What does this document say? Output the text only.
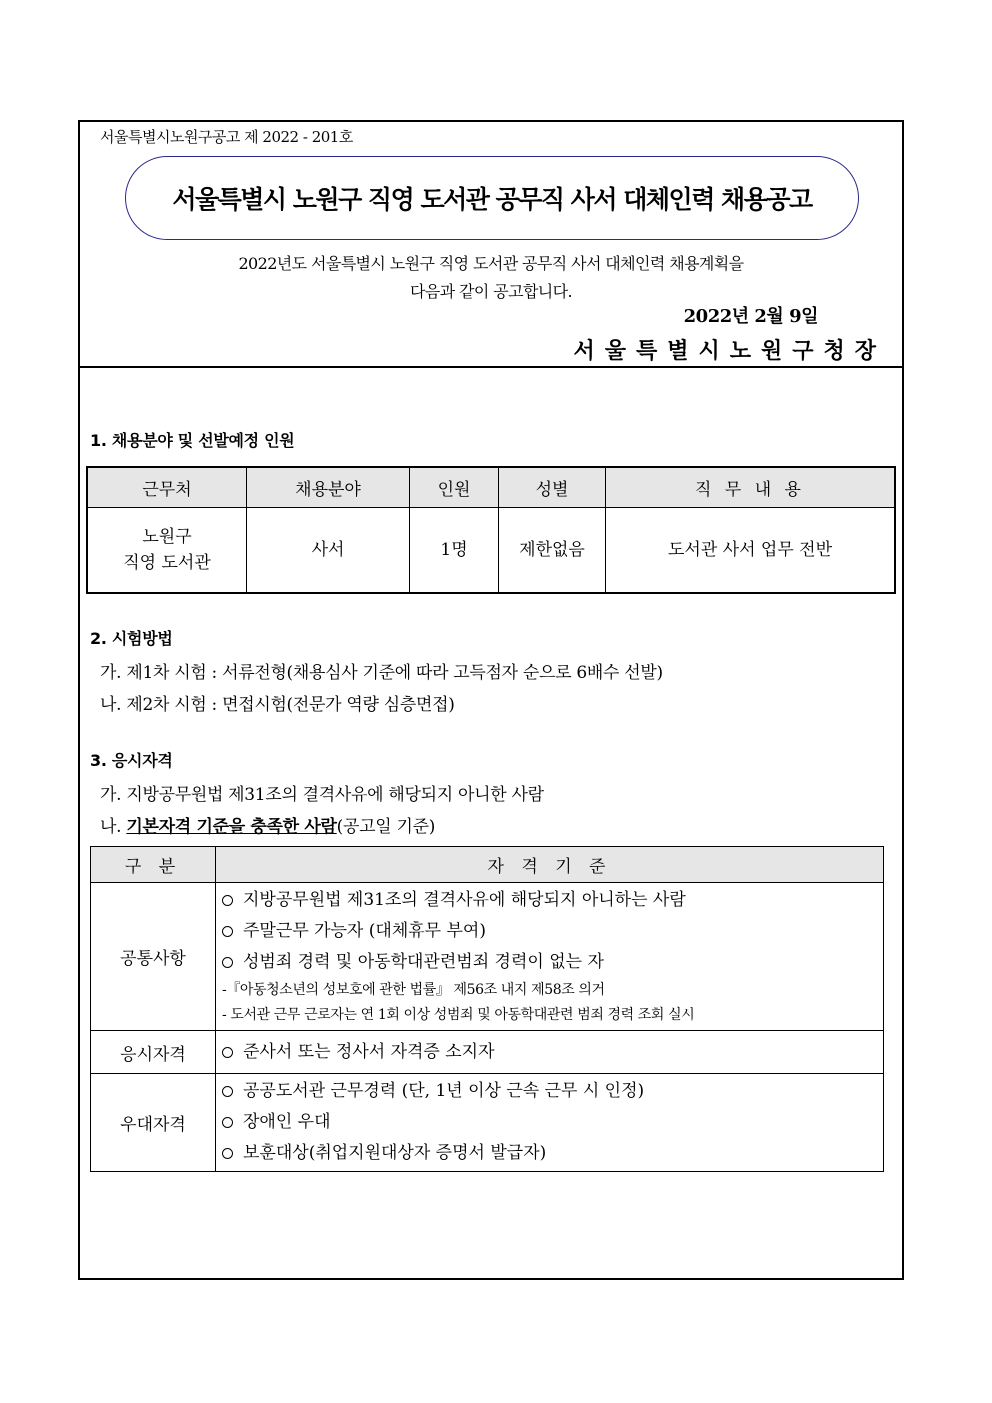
서울특별시노원구공고 제 2022 - 201호
서울특별시 노원구 직영 도서관 공무직 사서 대체인력 채용공고
2022년도 서울특별시 노원구 직영 도서관 공무직 사서 대체인력 채용계획을
다음과 같이 공고합니다.
2022년 2월 9일
서울특별시노원구청장
1. 채용분야 및 선발예정 인원
근무처	채용분야	인원	성별	직 무 내 용

노원구
직영 도서관	사서	1명	제한없음	도서관 사서 업무 전반
2. 시험방법
가. 제1차 시험 : 서류전형(채용심사 기준에 따라 고득점자 순으로 6배수 선발)
나. 제2차 시험 : 면접시험(전문가 역량 심층면접)
3. 응시자격
가. 지방공무원법 제31조의 결격사유에 해당되지 아니한 사람
나. 기본자격 기준을 충족한 사람(공고일 기준)
구 분	자 격 기 준
공통사항	지방공무원법 제31조의 결격사유에 해당되지 아니하는 사람
주말근무 가능자 (대체휴무 부여)
성범죄 경력 및 아동학대관련범죄 경력이 없는 자
-『아동청소년의 성보호에 관한 법률』 제56조 내지 제58조 의거
- 도서관 근무 근로자는 연 1회 이상 성범죄 및 아동학대관련 범죄 경력 조회 실시

응시자격	준사서 또는 정사서 자격증 소지자

우대자격	공공도서관 근무경력 (단, 1년 이상 근속 근무 시 인정)
장애인 우대
보훈대상(취업지원대상자 증명서 발급자)
